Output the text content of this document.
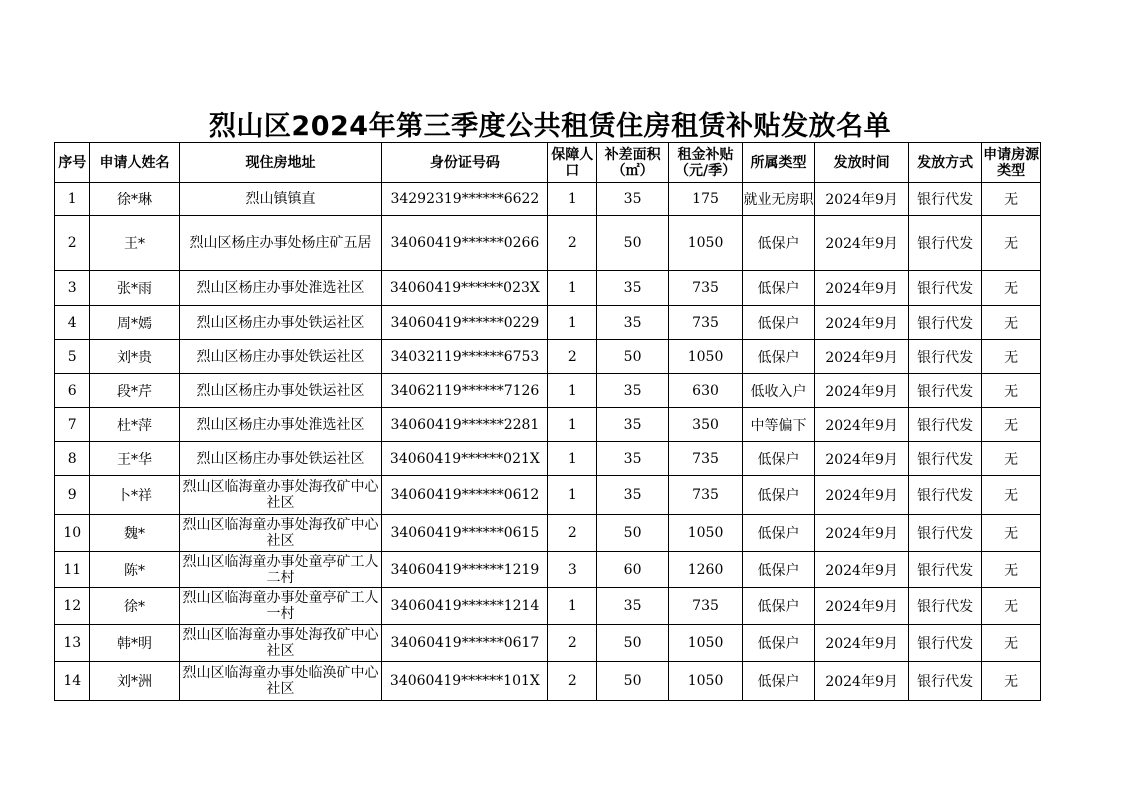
烈山区2024年第三季度公共租赁住房租赁补贴发放名单
序号	申请人姓名	现住房地址	身份证号码	保障人口	补差面积（㎡）	租金补贴（元/季）	所属类型	发放时间	发放方式	申请房源类型
1	徐*琳	烈山镇镇直	34292319******6622	1	35	175	就业无房职	2024年9月	银行代发	无
2	王*	烈山区杨庄办事处杨庄矿五居	34060419******0266	2	50	1050	低保户	2024年9月	银行代发	无
3	张*雨	烈山区杨庄办事处淮选社区	34060419******023X	1	35	735	低保户	2024年9月	银行代发	无
4	周*嫣	烈山区杨庄办事处铁运社区	34060419******0229	1	35	735	低保户	2024年9月	银行代发	无
5	刘*贵	烈山区杨庄办事处铁运社区	34032119******6753	2	50	1050	低保户	2024年9月	银行代发	无
6	段*芹	烈山区杨庄办事处铁运社区	34062119******7126	1	35	630	低收入户	2024年9月	银行代发	无
7	杜*萍	烈山区杨庄办事处淮选社区	34060419******2281	1	35	350	中等偏下	2024年9月	银行代发	无
8	王*华	烈山区杨庄办事处铁运社区	34060419******021X	1	35	735	低保户	2024年9月	银行代发	无
9	卜*祥	烈山区临海童办事处海孜矿中心社区	34060419******0612	1	35	735	低保户	2024年9月	银行代发	无
10	魏*	烈山区临海童办事处海孜矿中心社区	34060419******0615	2	50	1050	低保户	2024年9月	银行代发	无
11	陈*	烈山区临海童办事处童亭矿工人二村	34060419******1219	3	60	1260	低保户	2024年9月	银行代发	无
12	徐*	烈山区临海童办事处童亭矿工人一村	34060419******1214	1	35	735	低保户	2024年9月	银行代发	无
13	韩*明	烈山区临海童办事处海孜矿中心社区	34060419******0617	2	50	1050	低保户	2024年9月	银行代发	无
14	刘*洲	烈山区临海童办事处临涣矿中心社区	34060419******101X	2	50	1050	低保户	2024年9月	银行代发	无
